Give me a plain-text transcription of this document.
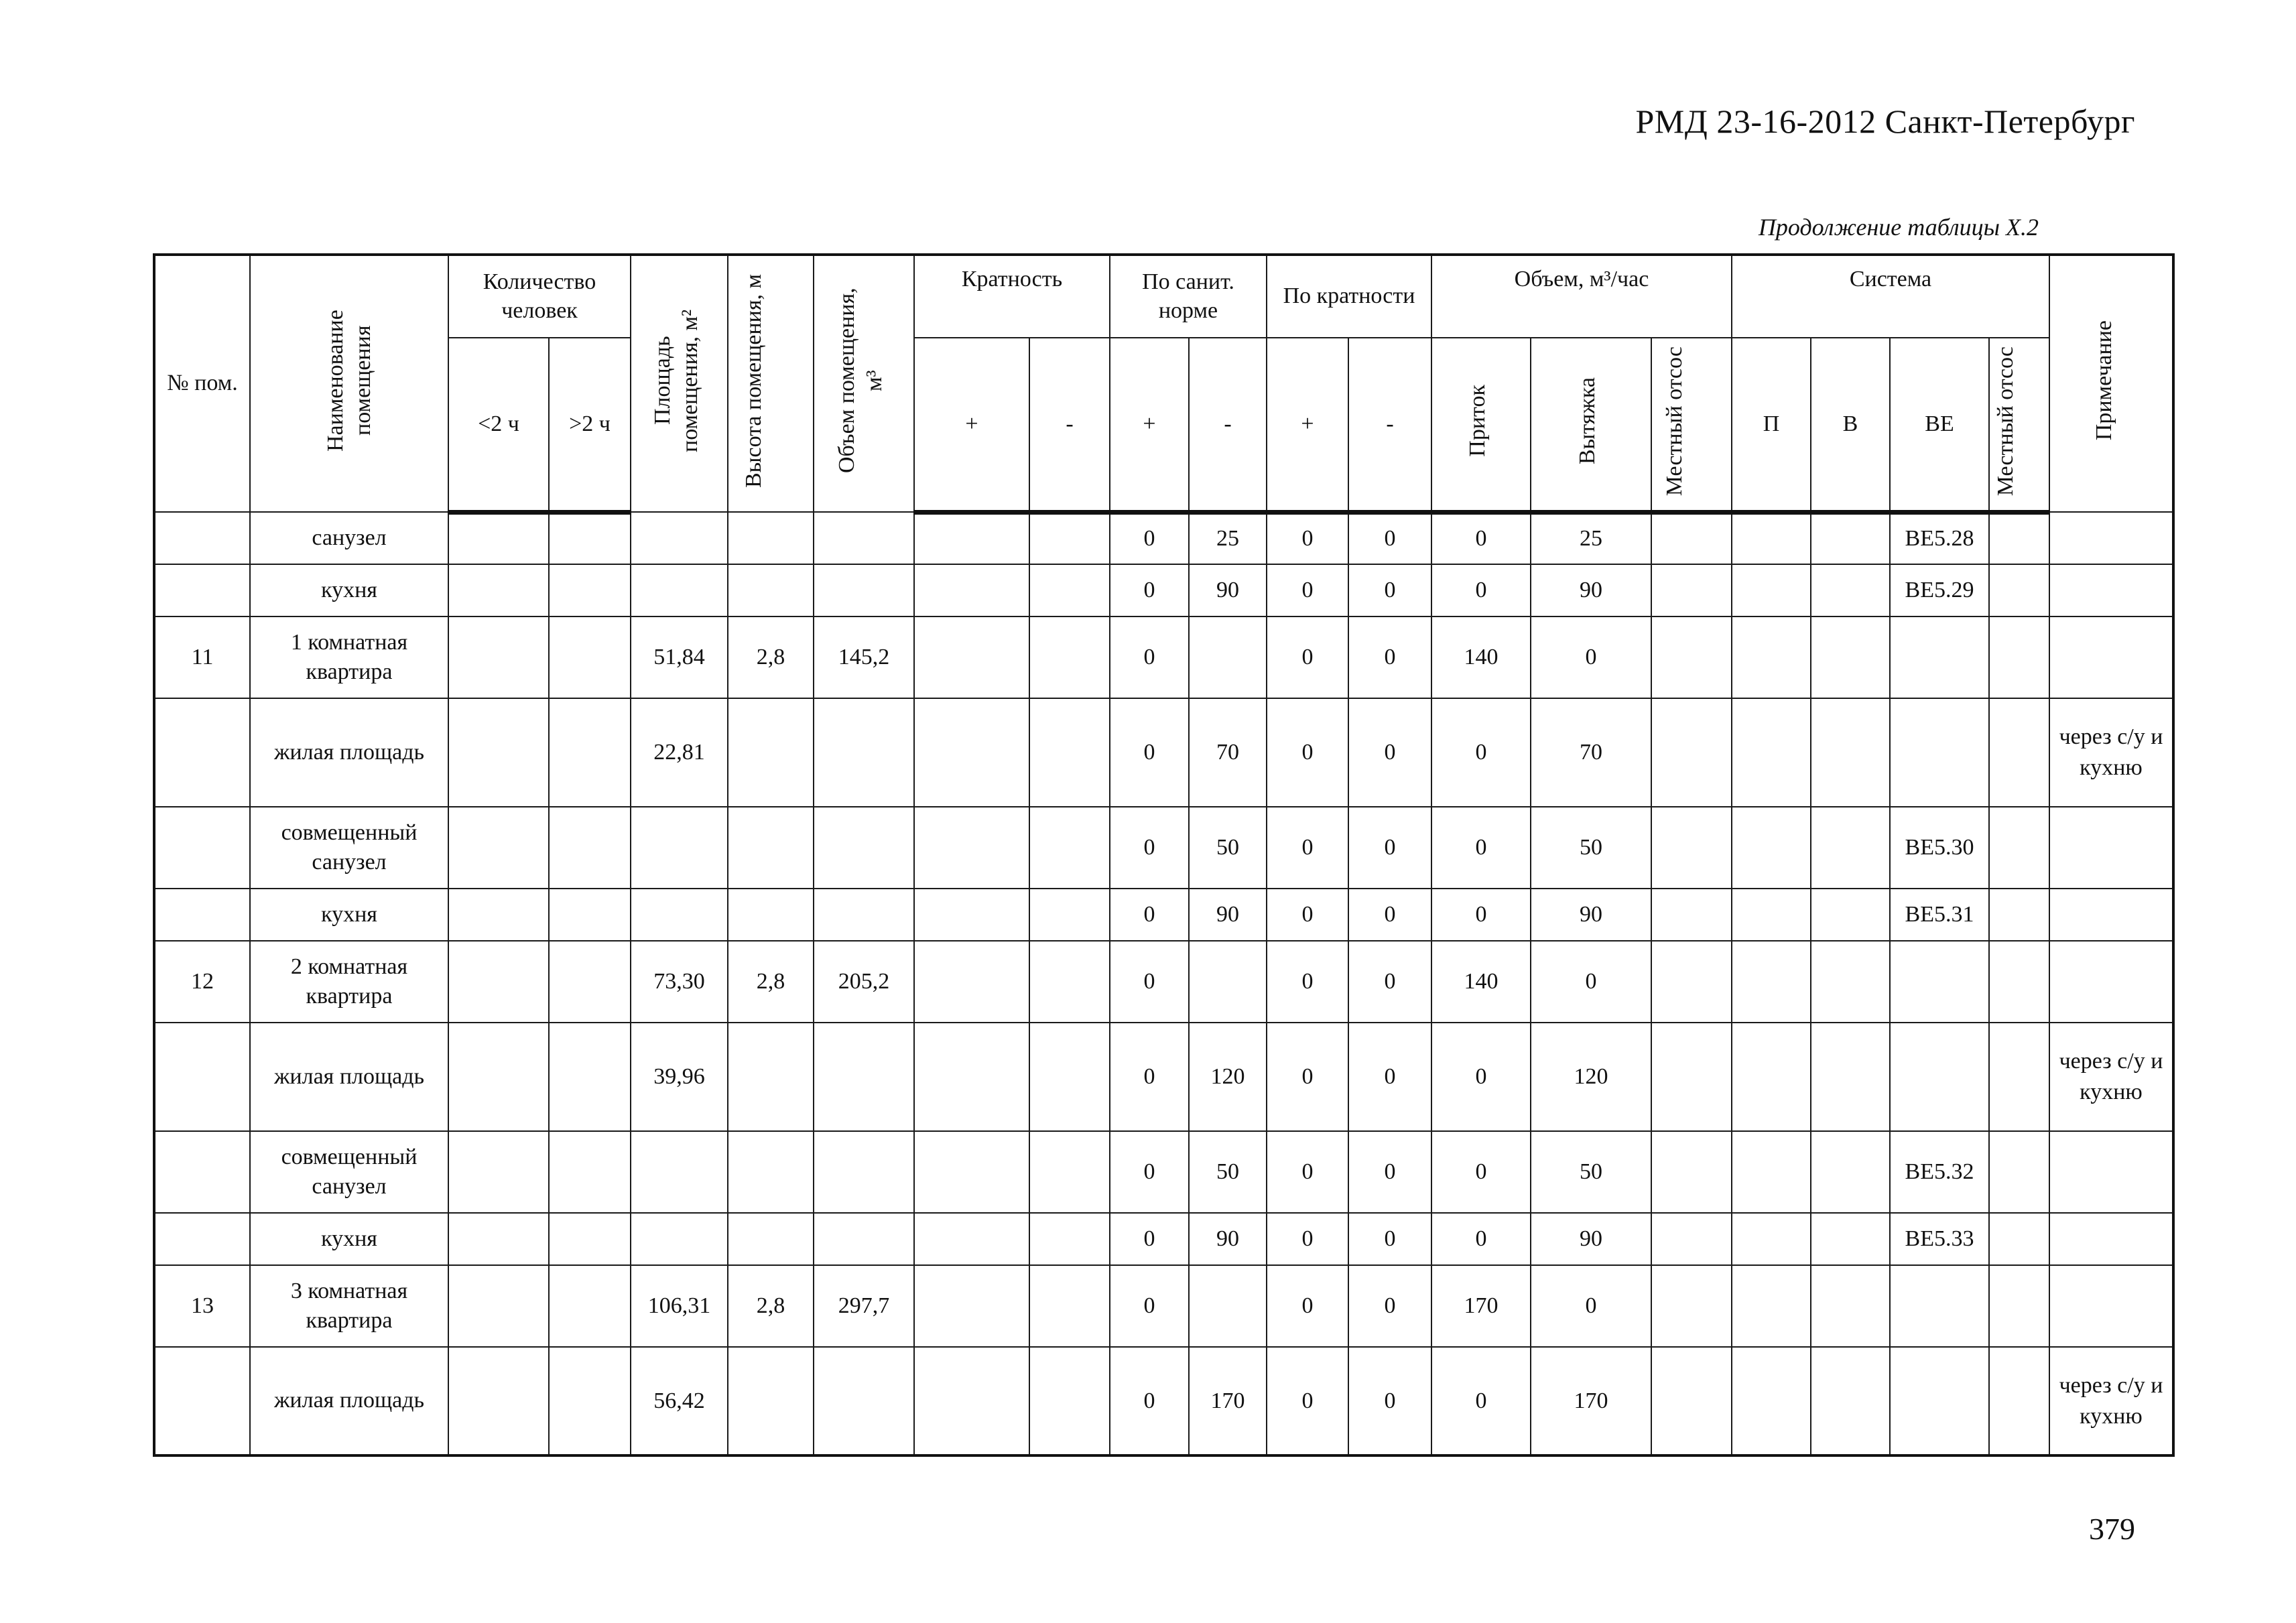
РМД 23-16-2012 Санкт-Петербург
Продолжение таблицы X.2
№ пом.	Наименование помещения	Количество человек		Площадь помещения, м²	Высота помещения, м	Объем помещения, м³	Кратность		По санит. норме		По кратности		Объем, м³/час			Система				Примечание
		<2 ч	>2 ч				+	-	+	-	+	-	Приток	Вытяжка	Местный отсос	П	В	ВЕ	Местный отсос	
	санузел								0	25	0	0	0	25				ВЕ5.28		
	кухня								0	90	0	0	0	90				ВЕ5.29		
11	1 комнатная квартира			51,84	2,8	145,2			0		0	0	140	0						
	жилая площадь			22,81					0	70	0	0	0	70						через с/у и кухню
	совмещенный санузел								0	50	0	0	0	50				ВЕ5.30		
	кухня								0	90	0	0	0	90				ВЕ5.31		
12	2 комнатная квартира			73,30	2,8	205,2			0		0	0	140	0						
	жилая площадь			39,96					0	120	0	0	0	120						через с/у и кухню
	совмещенный санузел								0	50	0	0	0	50				ВЕ5.32		
	кухня								0	90	0	0	0	90				ВЕ5.33		
13	3 комнатная квартира			106,31	2,8	297,7			0		0	0	170	0						
	жилая площадь			56,42					0	170	0	0	0	170						через с/у и кухню
379
